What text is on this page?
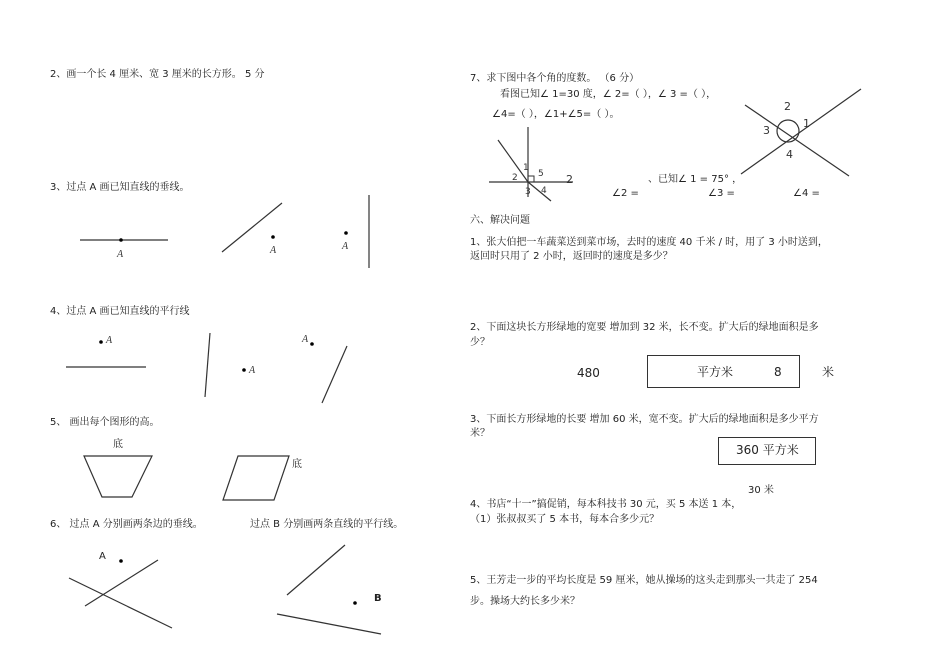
2、画一个长 4 厘米、宽 3 厘米的长方形。 5 分
3、过点 A 画已知直线的垂线。
4、过点 A 画已知直线的平行线
5、 画出每个图形的高。
6、 过点 A 分别画两条边的垂线。	过点 B 分别画两条直线的平行线。
底
底
A
B
A	A	A
A
A
A
7、求下图中各个角的度数。 （6 分）
看图已知∠ 1=30 度，∠ 2=（ ），∠ 3 =（ ），
∠4=（ ），∠1+∠5=（ ）。
、已知∠ 1 = 75° ，
∠2 =	∠3 =	∠4 =
六、解决问题
1、张大伯把一车蔬菜送到菜市场，去时的速度 40 千米 / 时，用了 3 小时送到，
返回时只用了 2 小时，返回时的速度是多少？
2、下面这块长方形绿地的宽要 增加到 32 米，长不变。扩大后的绿地面积是多
少？
480	平方米	8	米
3、下面长方形绿地的长要 增加 60 米，宽不变。扩大后的绿地面积是多少平方
米？
360 平方米
30 米
4、书店“十一”搞促销，每本科技书 30 元，买 5 本送 1 本，
（1）张叔叔买了 5 本书，每本合多少元？
5、王芳走一步的平均长度是 59 厘米，她从操场的这头走到那头一共走了 254
步。操场大约长多少米？
1
2
3 4
5 2
2
1
3
4
